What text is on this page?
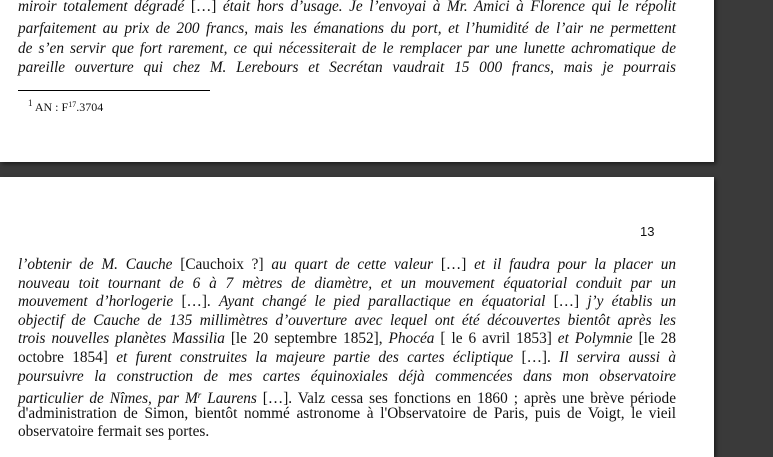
miroir totalement dégradé […] était hors d’usage. Je l’envoyai à Mr. Amici à Florence qui le répolit
parfaitement au prix de 200 francs, mais les émanations du port, et l’humidité de l’air ne permettent
de s’en servir que fort rarement, ce qui nécessiterait de le remplacer par une lunette achromatique de
pareille ouverture qui chez M. Lerebours et Secrétan vaudrait 15 000 francs, mais je pourrais
$^1$ AN : $F^{17}.3704$
13
l’obtenir de M. Cauche [Cauchoix ?] au quart de cette valeur […] et il faudra pour la placer un
nouveau toit tournant de 6 à 7 mètres de diamètre, et un mouvement équatorial conduit par un
mouvement d’horlogerie […]. Ayant changé le pied parallactique en équatorial […] j’y établis un
objectif de Cauche de 135 millimètres d’ouverture avec lequel ont été découvertes bientôt après les
trois nouvelles planètes Massilia [le 20 septembre 1852], Phocéa [ le 6 avril 1853] et Polymnie [le 28
octobre 1854] et furent construites la majeure partie des cartes écliptique […]. Il servira aussi à
poursuivre la construction de mes cartes équinoxiales déjà commencées dans mon observatoire
particulier de Nîmes, par $M^r$ Laurens […]. Valz cessa ses fonctions en 1860 ; après une brève période
d'administration de Simon, bientôt nommé astronome à l'Observatoire de Paris, puis de Voigt, le vieil
observatoire fermait ses portes.
